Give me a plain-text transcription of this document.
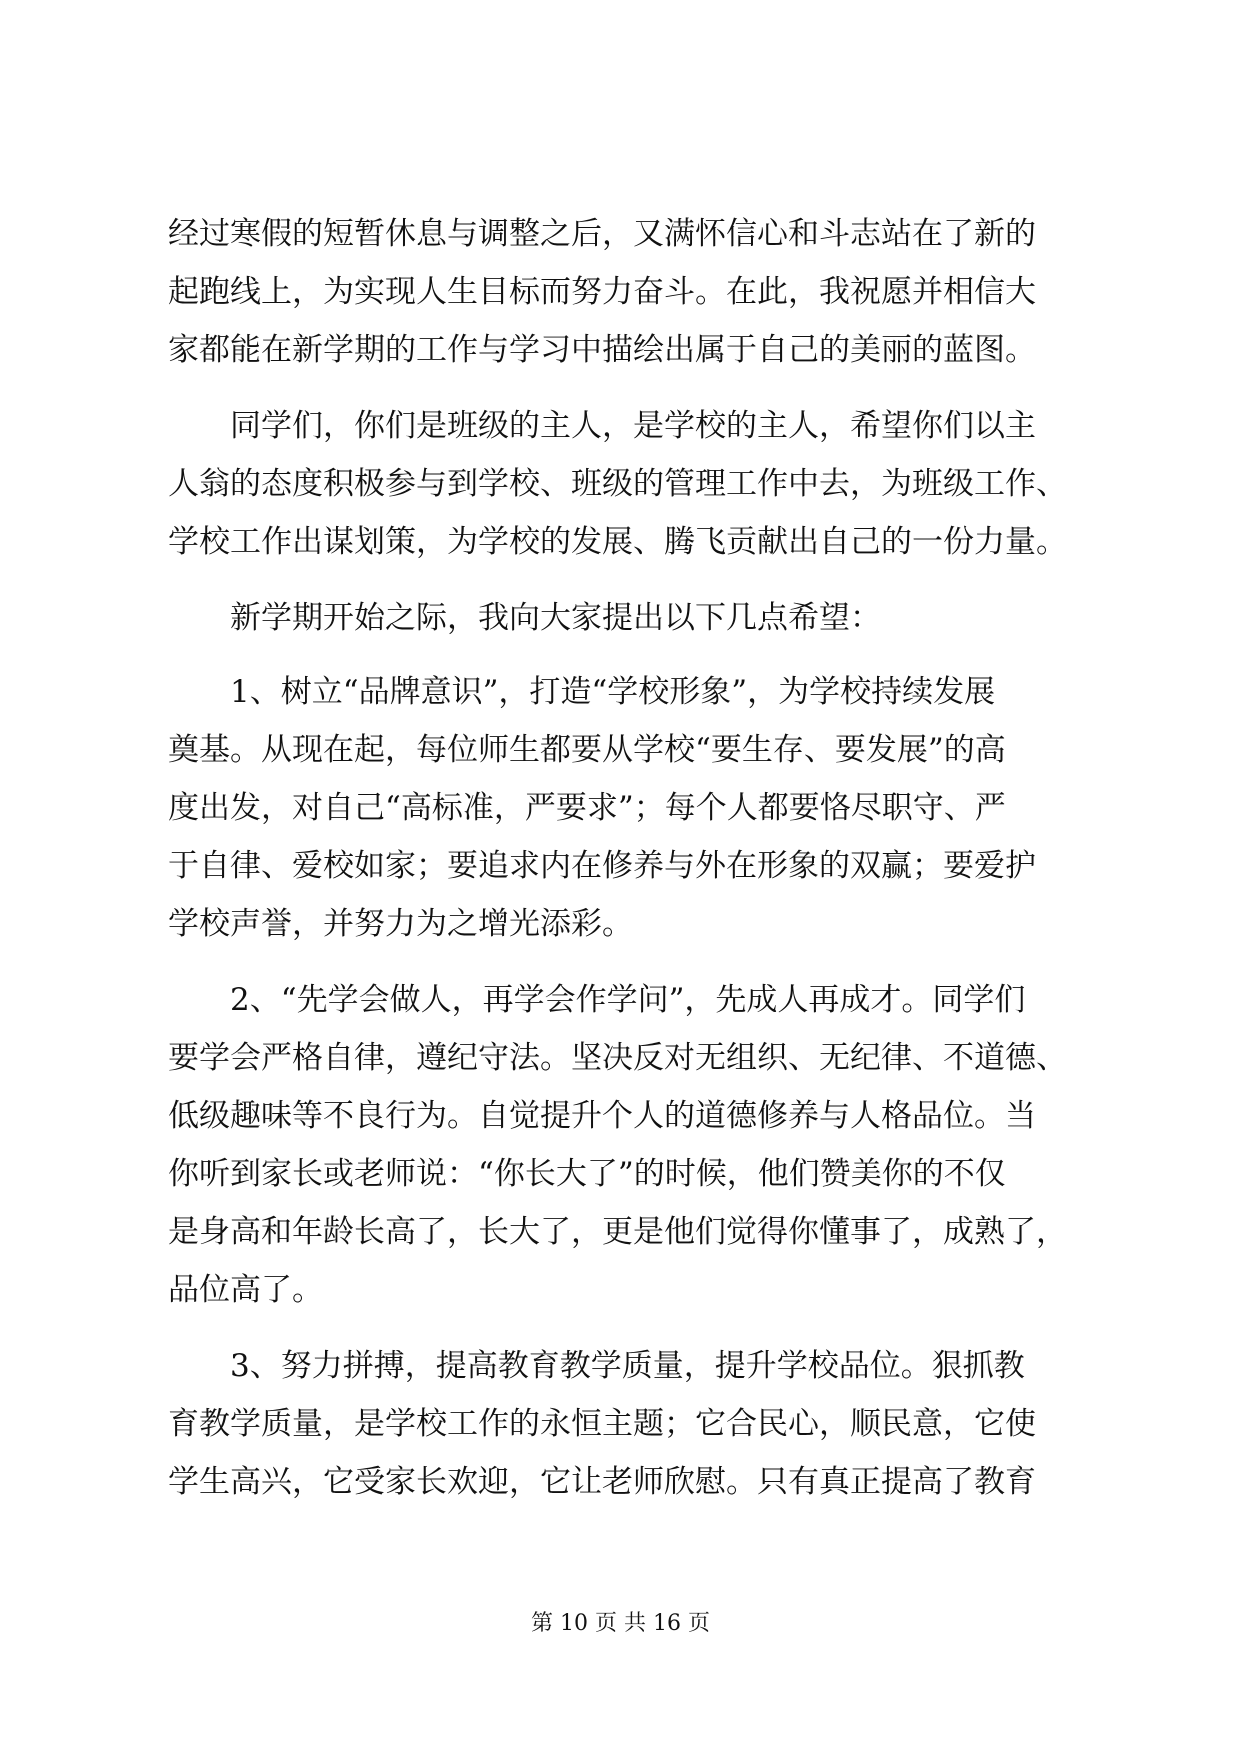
经过寒假的短暂休息与调整之后，又满怀信心和斗志站在了新的
起跑线上，为实现人生目标而努力奋斗。在此，我祝愿并相信大
家都能在新学期的工作与学习中描绘出属于自己的美丽的蓝图。
同学们，你们是班级的主人，是学校的主人，希望你们以主
人翁的态度积极参与到学校、班级的管理工作中去，为班级工作、
学校工作出谋划策，为学校的发展、腾飞贡献出自己的一份力量。
新学期开始之际，我向大家提出以下几点希望：
1、树立“品牌意识”，打造“学校形象”，为学校持续发展
奠基。从现在起，每位师生都要从学校“要生存、要发展”的高
度出发，对自己“高标准，严要求”；每个人都要恪尽职守、严
于自律、爱校如家；要追求内在修养与外在形象的双赢；要爱护
学校声誉，并努力为之增光添彩。
2、“先学会做人，再学会作学问”，先成人再成才。同学们
要学会严格自律，遵纪守法。坚决反对无组织、无纪律、不道德、
低级趣味等不良行为。自觉提升个人的道德修养与人格品位。当
你听到家长或老师说：“你长大了”的时候，他们赞美你的不仅
是身高和年龄长高了，长大了，更是他们觉得你懂事了，成熟了，
品位高了。
3、努力拼搏，提高教育教学质量，提升学校品位。狠抓教
育教学质量，是学校工作的永恒主题；它合民心，顺民意，它使
学生高兴，它受家长欢迎，它让老师欣慰。只有真正提高了教育
第 10 页 共 16 页
